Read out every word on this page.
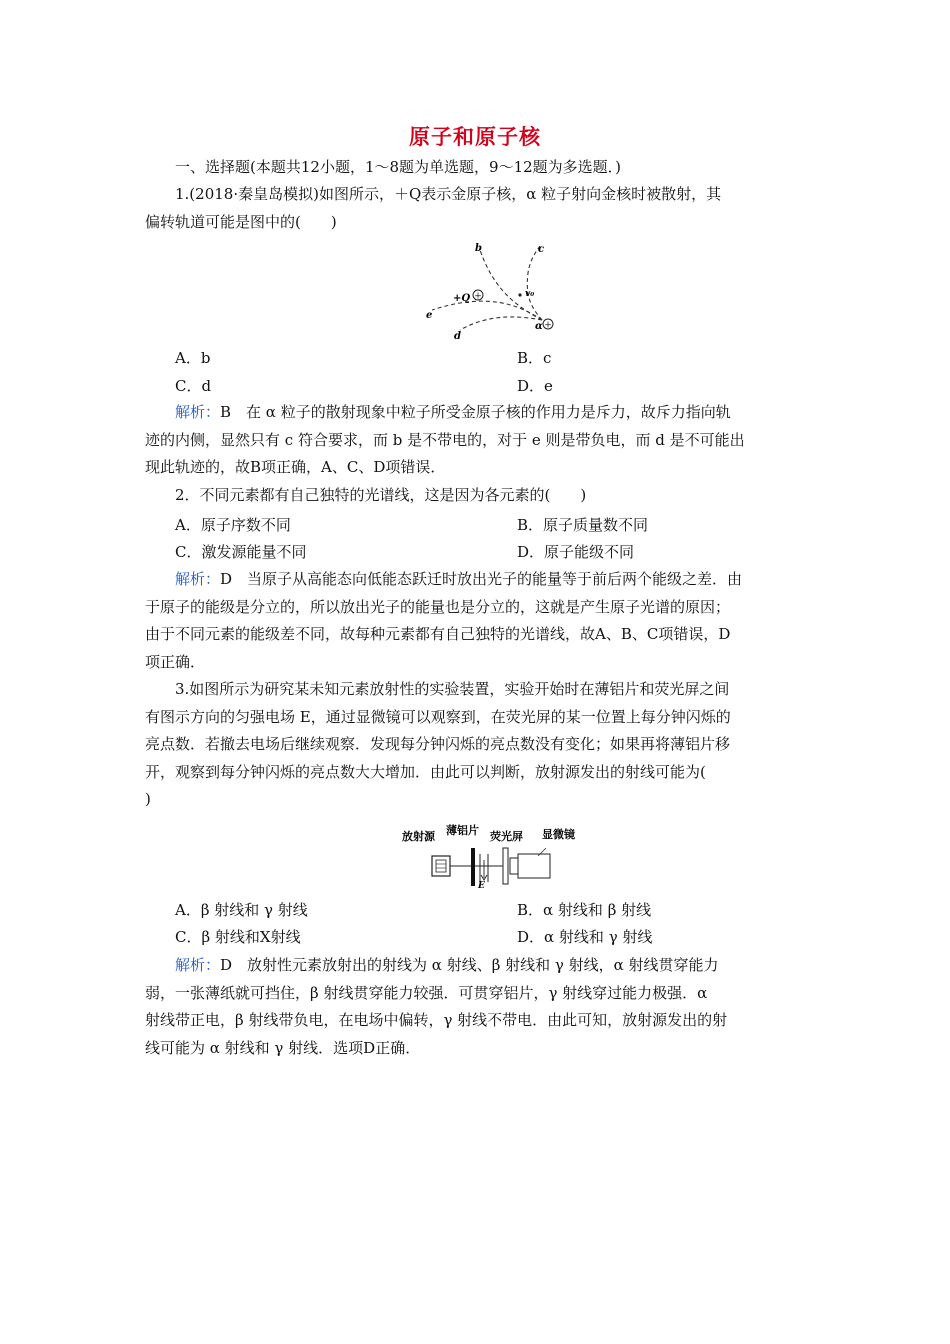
原子和原子核
一、选择题(本题共12小题，1～8题为单选题，9～12题为多选题．)
1.(2018·秦皇岛模拟)如图所示，＋Q表示金原子核，α 粒子射向金核时被散射，其
偏转轨道可能是图中的(　　)
+
+
b	c
e
d
+Q	v₀
α
A．b	B．c
C．d	D．e
解析：B　在 α 粒子的散射现象中粒子所受金原子核的作用力是斥力，故斥力指向轨
迹的内侧，显然只有 c 符合要求，而 b 是不带电的，对于 e 则是带负电，而 d 是不可能出
现此轨迹的，故B项正确，A、C、D项错误．
2．不同元素都有自己独特的光谱线，这是因为各元素的(　　)
A．原子序数不同	B．原子质量数不同
C．激发源能量不同	D．原子能级不同
解析：D　当原子从高能态向低能态跃迁时放出光子的能量等于前后两个能级之差．由
于原子的能级是分立的，所以放出光子的能量也是分立的，这就是产生原子光谱的原因；
由于不同元素的能级差不同，故每种元素都有自己独特的光谱线，故A、B、C项错误，D
项正确．
3.如图所示为研究某未知元素放射性的实验装置，实验开始时在薄铝片和荧光屏之间
有图示方向的匀强电场 E，通过显微镜可以观察到，在荧光屏的某一位置上每分钟闪烁的
亮点数．若撤去电场后继续观察．发现每分钟闪烁的亮点数没有变化；如果再将薄铝片移
开，观察到每分钟闪烁的亮点数大大增加．由此可以判断，放射源发出的射线可能为(
)
放射源 薄铝片 荧光屏 显微镜
E
A．β 射线和 γ 射线	B．α 射线和 β 射线
C．β 射线和X射线	D．α 射线和 γ 射线
解析：D　放射性元素放射出的射线为 α 射线、β 射线和 γ 射线，α 射线贯穿能力
弱，一张薄纸就可挡住，β 射线贯穿能力较强．可贯穿铝片，γ 射线穿过能力极强．α
射线带正电，β 射线带负电，在电场中偏转，γ 射线不带电．由此可知，放射源发出的射
线可能为 α 射线和 γ 射线．选项D正确．
